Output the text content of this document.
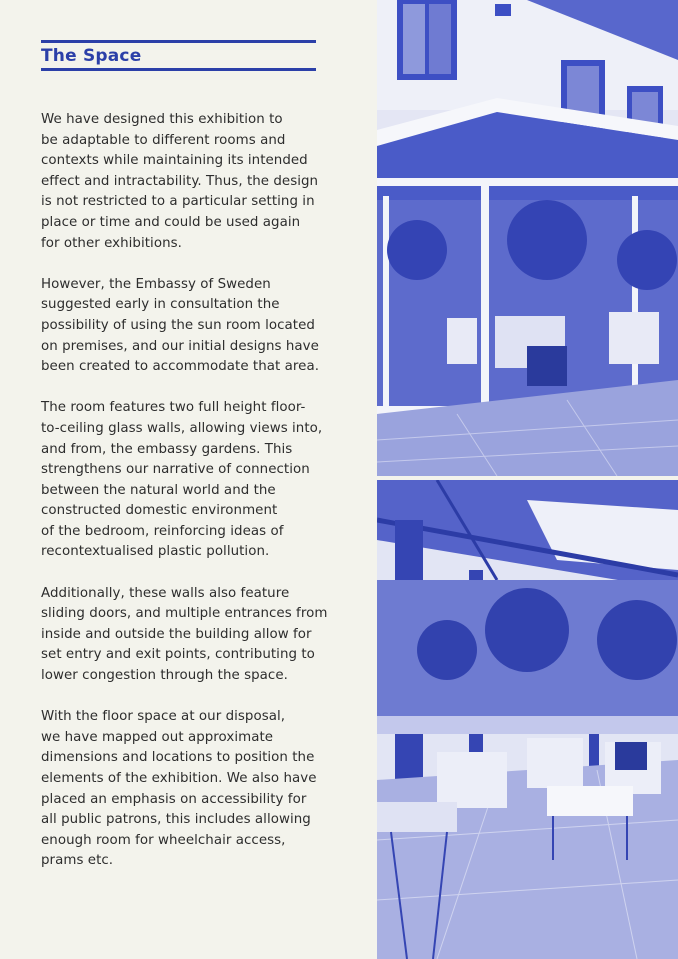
The Space

We have designed this exhibition to
be adaptable to different rooms and
contexts while maintaining its intended
effect and intractability. Thus, the design
is not restricted to a particular setting in
place or time and could be used again
for other exhibitions.

However, the Embassy of Sweden
suggested early in consultation the
possibility of using the sun room located
on premises, and our initial designs have
been created to accommodate that area.

The room features two full height floor-
to-ceiling glass walls, allowing views into,
and from, the embassy gardens. This
strengthens our narrative of connection
between the natural world and the
constructed domestic environment
of the bedroom, reinforcing ideas of
recontextualised plastic pollution.

Additionally, these walls also feature
sliding doors, and multiple entrances from
inside and outside the building allow for
set entry and exit points, contributing to
lower congestion through the space.

With the floor space at our disposal,
we have mapped out approximate
dimensions and locations to position the
elements of the exhibition. We also have
placed an emphasis on accessibility for
all public patrons, this includes allowing
enough room for wheelchair access,
prams etc.
